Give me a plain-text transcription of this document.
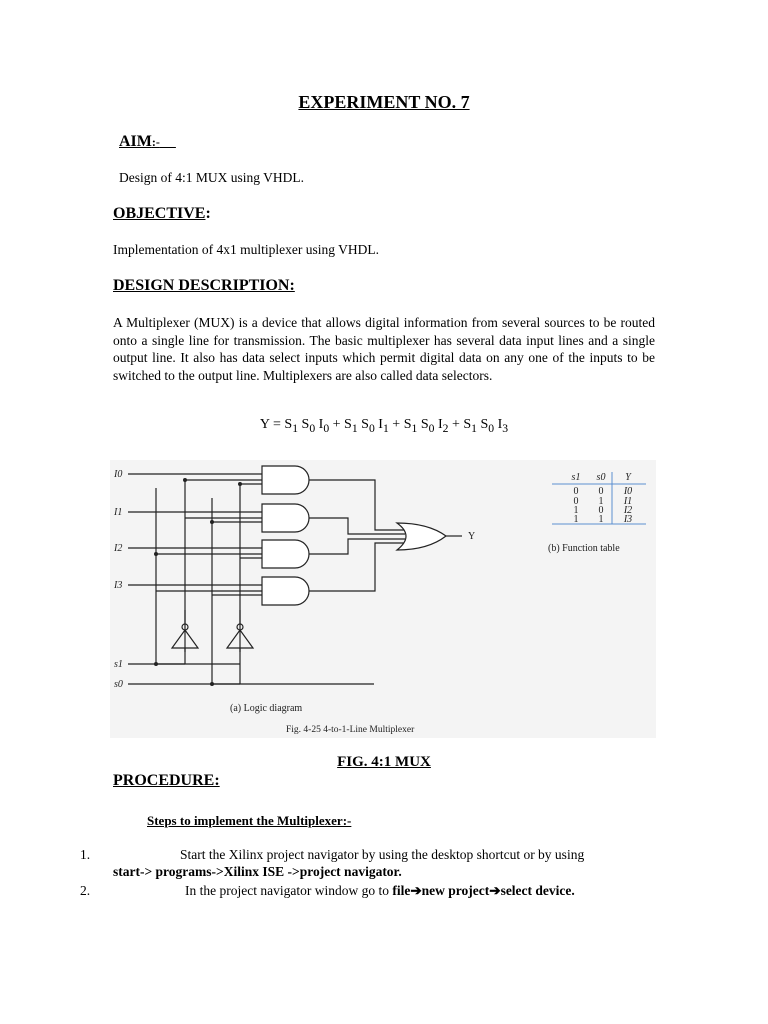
EXPERIMENT NO. 7
AIM:-
Design of 4:1 MUX using VHDL.
OBJECTIVE:
Implementation of 4x1 multiplexer using VHDL.
DESIGN DESCRIPTION:
A Multiplexer (MUX) is a device that allows digital information from several sources to be routed onto a single line for transmission. The basic multiplexer has several data input lines and a single output line. It also has data select inputs which permit digital data on any one of the inputs to be switched to the output line. Multiplexers are also called data selectors.
$Y = S_1$ $S_0$ $I_0 + S_1$ $S_0$ $I_1 + S_1$ $S_0$ $I_2 + S_1$ $S_0$ $I_3$
I0
I1
I2
I3
s1
s0
Y
(a) Logic diagram
Fig. 4-25 4-to-1-Line Multiplexer
s1 s0 Y
0 0 I0
0 1 I1
1 0 I2
1 1 I3
(b) Function table
FIG. 4:1 MUX
PROCEDURE:
Steps to implement the Multiplexer:-
1.	Start the Xilinx project navigator by using the desktop shortcut or by using
start-> programs->Xilinx ISE ->project navigator.
2.	In the project navigator window go to file➔new project➔select device.
